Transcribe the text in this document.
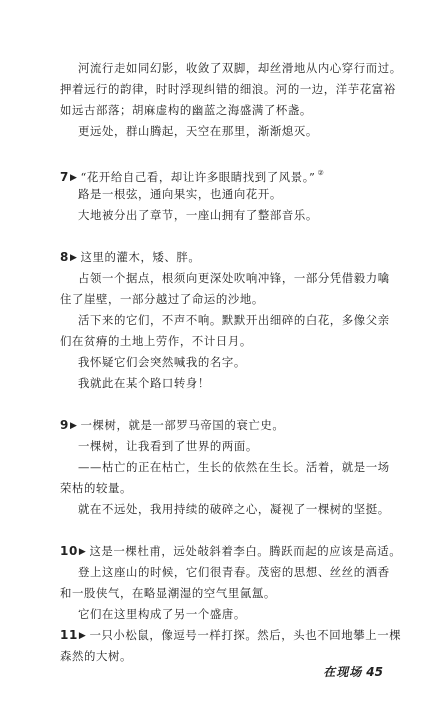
河流行走如同幻影，收敛了双脚，却丝滑地从内心穿行而过。
押着远行的韵律，时时浮现纠错的细浪。河的一边，洋芋花富裕
如远古部落；胡麻虚构的幽蓝之海盛满了杯盏。
更远处，群山腾起，天空在那里，渐渐熄灭。
7▶ “花开给自己看，却让许多眼睛找到了风景。” ②
路是一根弦，通向果实，也通向花开。
大地被分出了章节，一座山拥有了整部音乐。
8▶ 这里的灌木，矮、胖。
占领一个据点，根须向更深处吹响冲锋，一部分凭借毅力噙
住了崖壁，一部分越过了命运的沙地。
活下来的它们，不声不响。默默开出细碎的白花，多像父亲
们在贫瘠的土地上劳作，不计日月。
我怀疑它们会突然喊我的名字。
我就此在某个路口转身！
9▶ 一棵树，就是一部罗马帝国的衰亡史。
一棵树，让我看到了世界的两面。
——枯亡的正在枯亡，生长的依然在生长。活着，就是一场
荣枯的较量。
就在不远处，我用持续的破碎之心，凝视了一棵树的坚挺。
10▶ 这是一棵杜甫，远处敧斜着李白。腾跃而起的应该是高适。
登上这座山的时候，它们很青春。茂密的思想、丝丝的酒香
和一股侠气，在略显潮湿的空气里氤氲。
它们在这里构成了另一个盛唐。
11▶ 一只小松鼠，像逗号一样打探。然后，头也不回地攀上一棵
森然的大树。
在现场 45
